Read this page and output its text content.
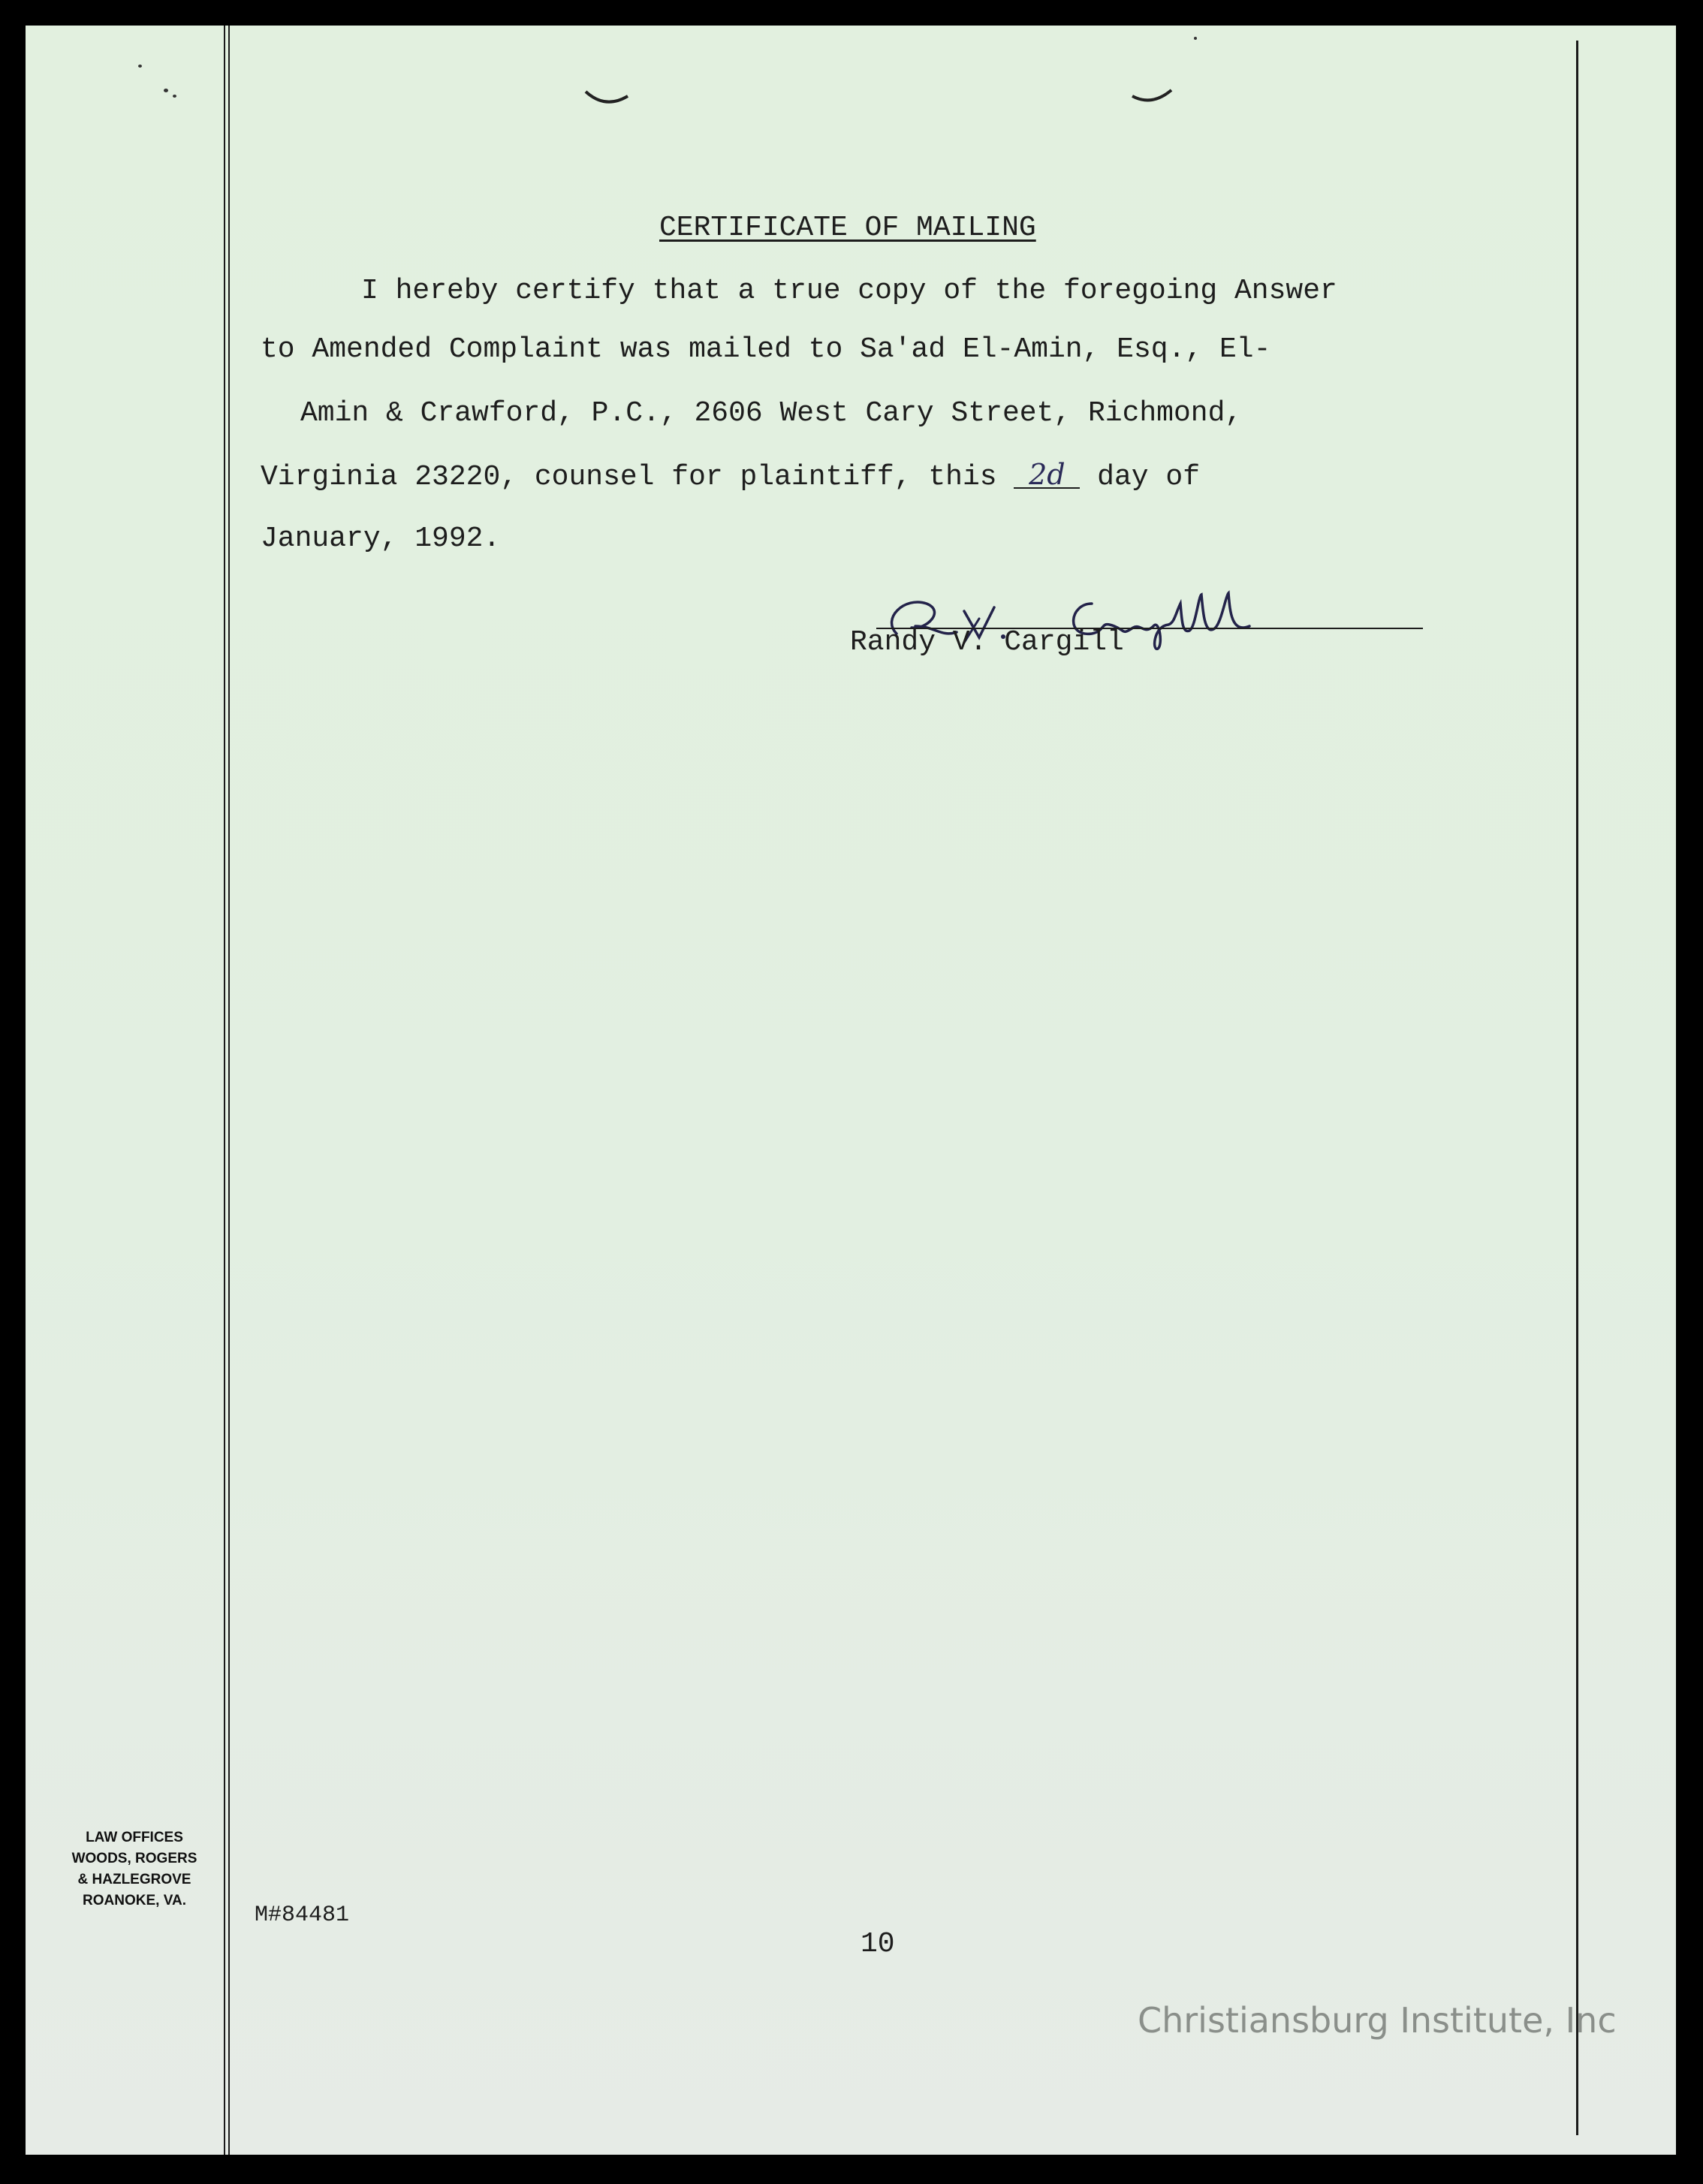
CERTIFICATE OF MAILING
I hereby certify that a true copy of the foregoing Answer
to Amended Complaint was mailed to Sa'ad El-Amin, Esq., El-
Amin & Crawford, P.C., 2606 West Cary Street, Richmond,
Virginia 23220, counsel for plaintiff, this 2d day of
January, 1992.
Randy V. Cargill
LAW OFFICES
WOODS, ROGERS
& HAZLEGROVE
ROANOKE, VA.
M#84481
10
Christiansburg Institute, Inc
